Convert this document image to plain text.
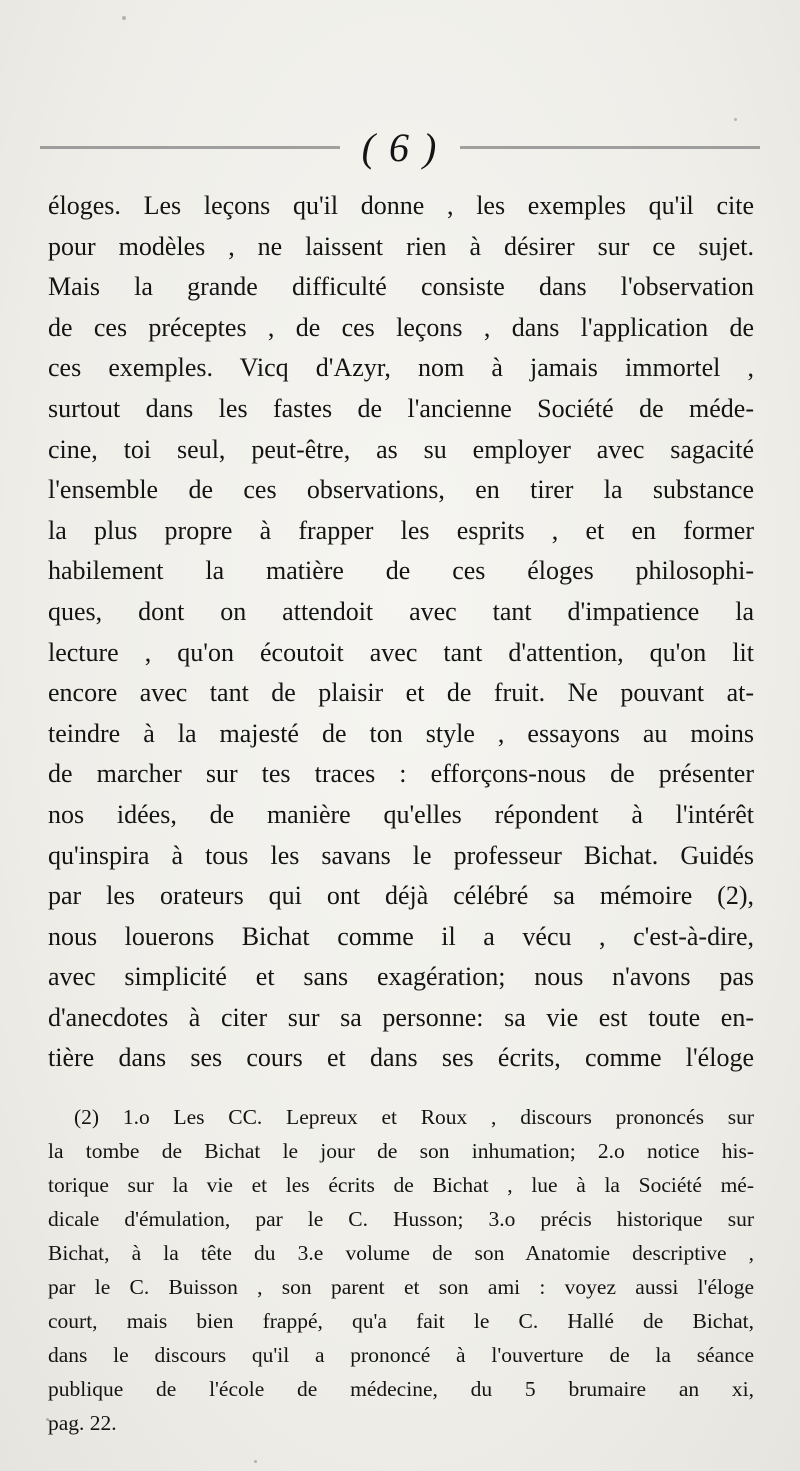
( 6 )
éloges. Les leçons qu'il donne , les exemples qu'il cite
pour modèles , ne laissent rien à désirer sur ce sujet.
Mais la grande difficulté consiste dans l'observation
de ces préceptes , de ces leçons , dans l'application de
ces exemples. Vicq d'Azyr, nom à jamais immortel ,
surtout dans les fastes de l'ancienne Société de méde-
cine, toi seul, peut-être, as su employer avec sagacité
l'ensemble de ces observations, en tirer la substance
la plus propre à frapper les esprits , et en former
habilement la matière de ces éloges philosophi-
ques, dont on attendoit avec tant d'impatience la
lecture , qu'on écoutoit avec tant d'attention, qu'on lit
encore avec tant de plaisir et de fruit. Ne pouvant at-
teindre à la majesté de ton style , essayons au moins
de marcher sur tes traces : efforçons-nous de présenter
nos idées, de manière qu'elles répondent à l'intérêt
qu'inspira à tous les savans le professeur Bichat. Guidés
par les orateurs qui ont déjà célébré sa mémoire (2),
nous louerons Bichat comme il a vécu , c'est-à-dire,
avec simplicité et sans exagération; nous n'avons pas
d'anecdotes à citer sur sa personne: sa vie est toute en-
tière dans ses cours et dans ses écrits, comme l'éloge
(2) 1.o Les CC. Lepreux et Roux , discours prononcés sur
la tombe de Bichat le jour de son inhumation; 2.o notice his-
torique sur la vie et les écrits de Bichat , lue à la Société mé-
dicale d'émulation, par le C. Husson; 3.o précis historique sur
Bichat, à la tête du 3.e volume de son Anatomie descriptive ,
par le C. Buisson , son parent et son ami : voyez aussi l'éloge
court, mais bien frappé, qu'a fait le C. Hallé de Bichat,
dans le discours qu'il a prononcé à l'ouverture de la séance
publique de l'école de médecine, du 5 brumaire an xi,
pag. 22.
